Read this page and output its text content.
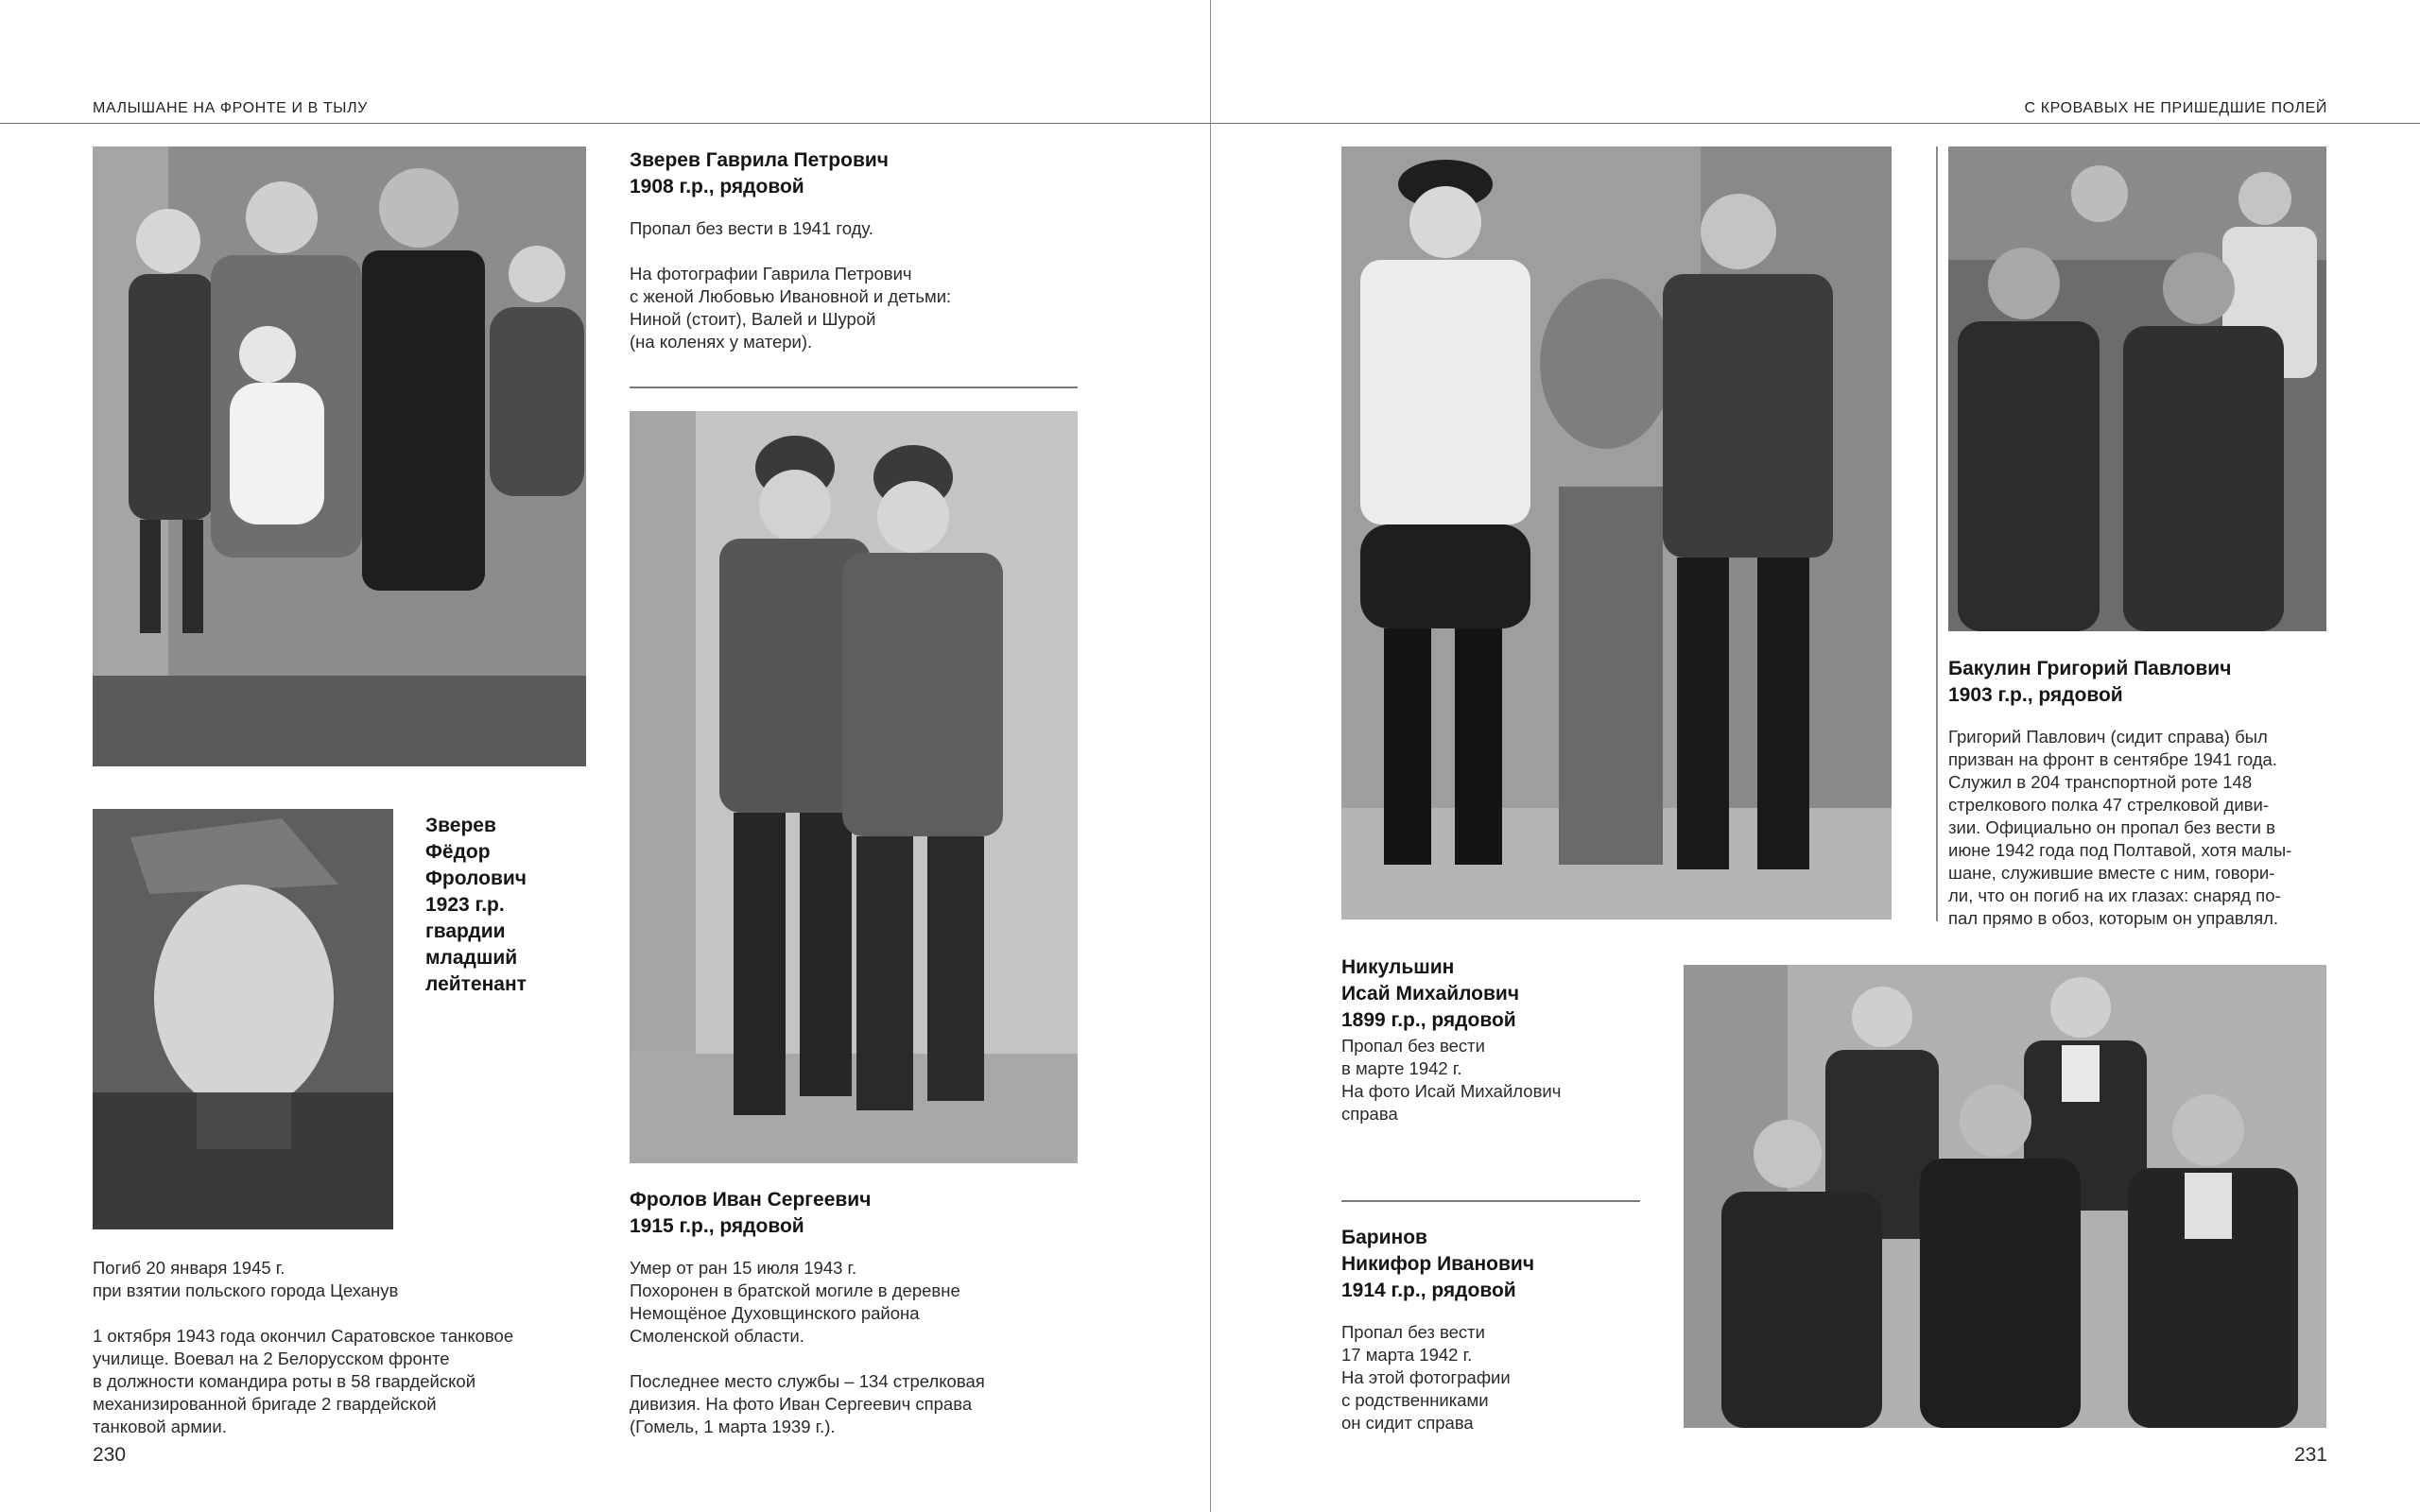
МАЛЫШАНЕ НА ФРОНТЕ И В ТЫЛУ	С КРОВАВЫХ НЕ ПРИШЕДШИЕ ПОЛЕЙ
Зверев Гаврила Петрович
1908 г.р., рядовой

Пропал без вести в 1941 году.

На фотографии Гаврила Петрович
с женой Любовью Ивановной и детьми:
Ниной (стоит), Валей и Шурой
(на коленях у матери).

Фролов Иван Сергеевич
1915 г.р., рядовой

Умер от ран 15 июля 1943 г.
Похоронен в братской могиле в деревне
Немощёное Духовщинского района
Смоленской области.

Последнее место службы – 134 стрелковая
дивизия. На фото Иван Сергеевич справа
(Гомель, 1 марта 1939 г.).

Зверев
Фёдор
Фролович
1923 г.р.
гвардии
младший
лейтенант

Погиб 20 января 1945 г.
при взятии польского города Цеханув

1 октября 1943 года окончил Саратовское танковое
училище. Воевал на 2 Белорусском фронте
в должности командира роты в 58 гвардейской
механизированной бригаде 2 гвардейской
танковой армии.

230
Бакулин Григорий Павлович
1903 г.р., рядовой

Григорий Павлович (сидит справа) был
призван на фронт в сентябре 1941 года.
Служил в 204 транспортной роте 148
стрелкового полка 47 стрелковой диви-
зии. Официально он пропал без вести в
июне 1942 года под Полтавой, хотя малы-
шане, служившие вместе с ним, говори-
ли, что он погиб на их глазах: снаряд по-
пал прямо в обоз, которым он управлял.

Никульшин
Исай Михайлович
1899 г.р., рядовой

Пропал без вести
в марте 1942 г.
На фото Исай Михайлович
справа

Баринов
Никифор Иванович
1914 г.р., рядовой

Пропал без вести
17 марта 1942 г.
На этой фотографии
с родственниками
он сидит справа

231
